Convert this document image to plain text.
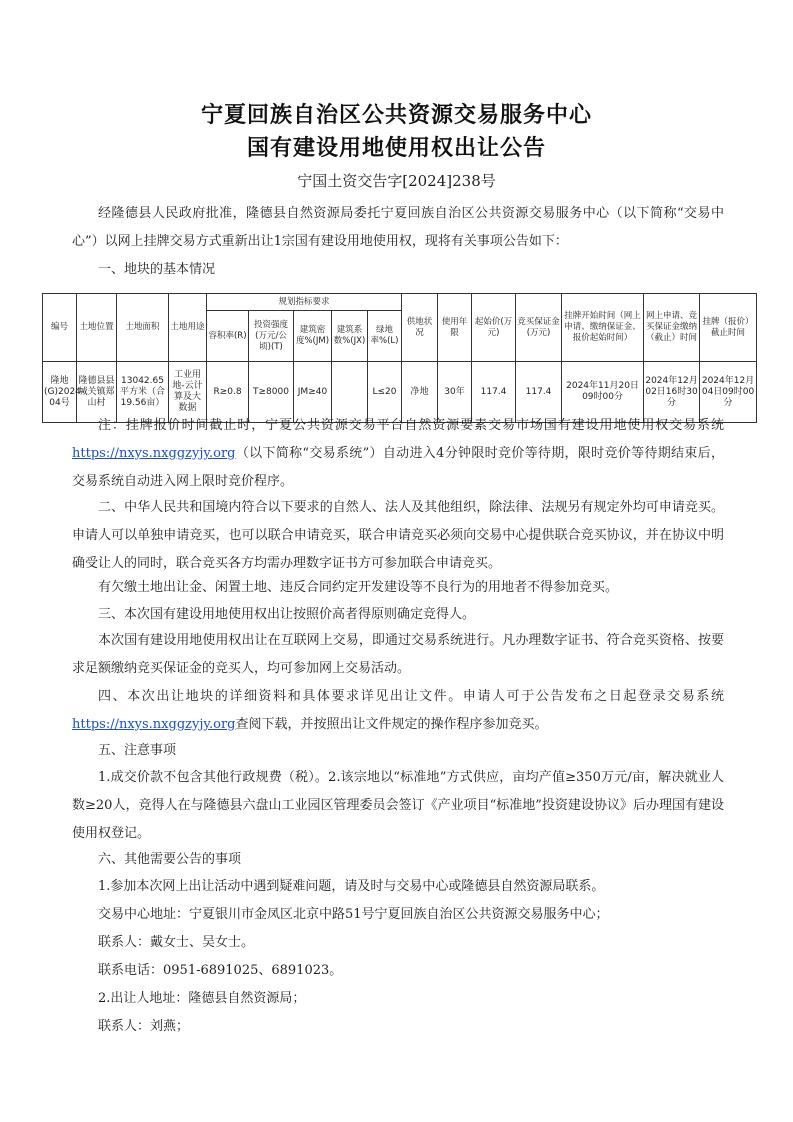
宁夏回族自治区公共资源交易服务中心
国有建设用地使用权出让公告
宁国土资交告字[2024]238号
经隆德县人民政府批准，隆德县自然资源局委托宁夏回族自治区公共资源交易服务中心（以下简称“交易中心”）以网上挂牌交易方式重新出让1宗国有建设用地使用权，现将有关事项公告如下：
一、地块的基本情况
编号	土地位置	土地面积	土地用途	规划指标要求					供地状况	使用年限	起始价(万元)	竞买保证金(万元)	挂牌开始时间（网上申请、缴纳保证金、报价起始时间）	网上申请、竞买保证金缴纳（截止）时间	挂牌（报价）截止时间
				容积率(R)	投资强度(万元/公顷)(T)	建筑密度%(JM)	建筑系数%(JX)	绿地率%(L)							
隆地(G)2024-04号	隆德县县城关镇郑山村	13042.65平方米（合19.56亩）	工业用地-云计算及大数据	R≥0.8	T≥8000	JM≥40		L≤20	净地	30年	117.4	117.4	2024年11月20日09时00分	2024年12月02日16时30分	2024年12月04日09时00分
注：挂牌报价时间截止时，宁夏公共资源交易平台自然资源要素交易市场国有建设用地使用权交易系统https://nxys.nxggzyjy.org（以下简称“交易系统”）自动进入4分钟限时竞价等待期，限时竞价等待期结束后，交易系统自动进入网上限时竞价程序。
二、中华人民共和国境内符合以下要求的自然人、法人及其他组织，除法律、法规另有规定外均可申请竞买。申请人可以单独申请竞买，也可以联合申请竞买，联合申请竞买必须向交易中心提供联合竞买协议，并在协议中明确受让人的同时，联合竞买各方均需办理数字证书方可参加联合申请竞买。
有欠缴土地出让金、闲置土地、违反合同约定开发建设等不良行为的用地者不得参加竞买。
三、本次国有建设用地使用权出让按照价高者得原则确定竞得人。
本次国有建设用地使用权出让在互联网上交易，即通过交易系统进行。凡办理数字证书、符合竞买资格、按要求足额缴纳竞买保证金的竞买人，均可参加网上交易活动。
四、本次出让地块的详细资料和具体要求详见出让文件。申请人可于公告发布之日起登录交易系统https://nxys.nxggzyjy.org查阅下载，并按照出让文件规定的操作程序参加竞买。
五、注意事项
1.成交价款不包含其他行政规费（税）。2.该宗地以“标准地”方式供应，亩均产值≥350万元/亩，解决就业人数≥20人，竞得人在与隆德县六盘山工业园区管理委员会签订《产业项目“标准地”投资建设协议》后办理国有建设使用权登记。
六、其他需要公告的事项
1.参加本次网上出让活动中遇到疑难问题，请及时与交易中心或隆德县自然资源局联系。
交易中心地址：宁夏银川市金凤区北京中路51号宁夏回族自治区公共资源交易服务中心；
联系人：戴女士、吴女士。
联系电话：0951-6891025、6891023。
2.出让人地址：隆德县自然资源局；
联系人：刘燕；
